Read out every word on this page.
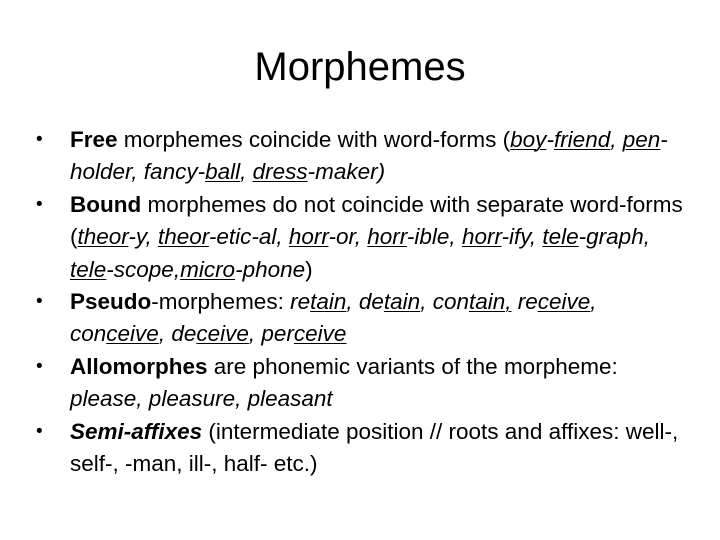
Morphemes
• Free morphemes coincide with word-forms (boy-friend, pen-holder, fancy-ball, dress-maker)
• Bound morphemes do not coincide with separate word-forms (theor-y, theor-etic-al, horr-or, horr-ible, horr-ify, tele-graph, tele-scope,micro-phone)
• Pseudo-morphemes: retain, detain, contain, receive, conceive, deceive, perceive
• Allomorphes are phonemic variants of the morpheme: please, pleasure, pleasant
• Semi-affixes (intermediate position // roots and affixes: well-, self-, -man, ill-, half- etc.)
